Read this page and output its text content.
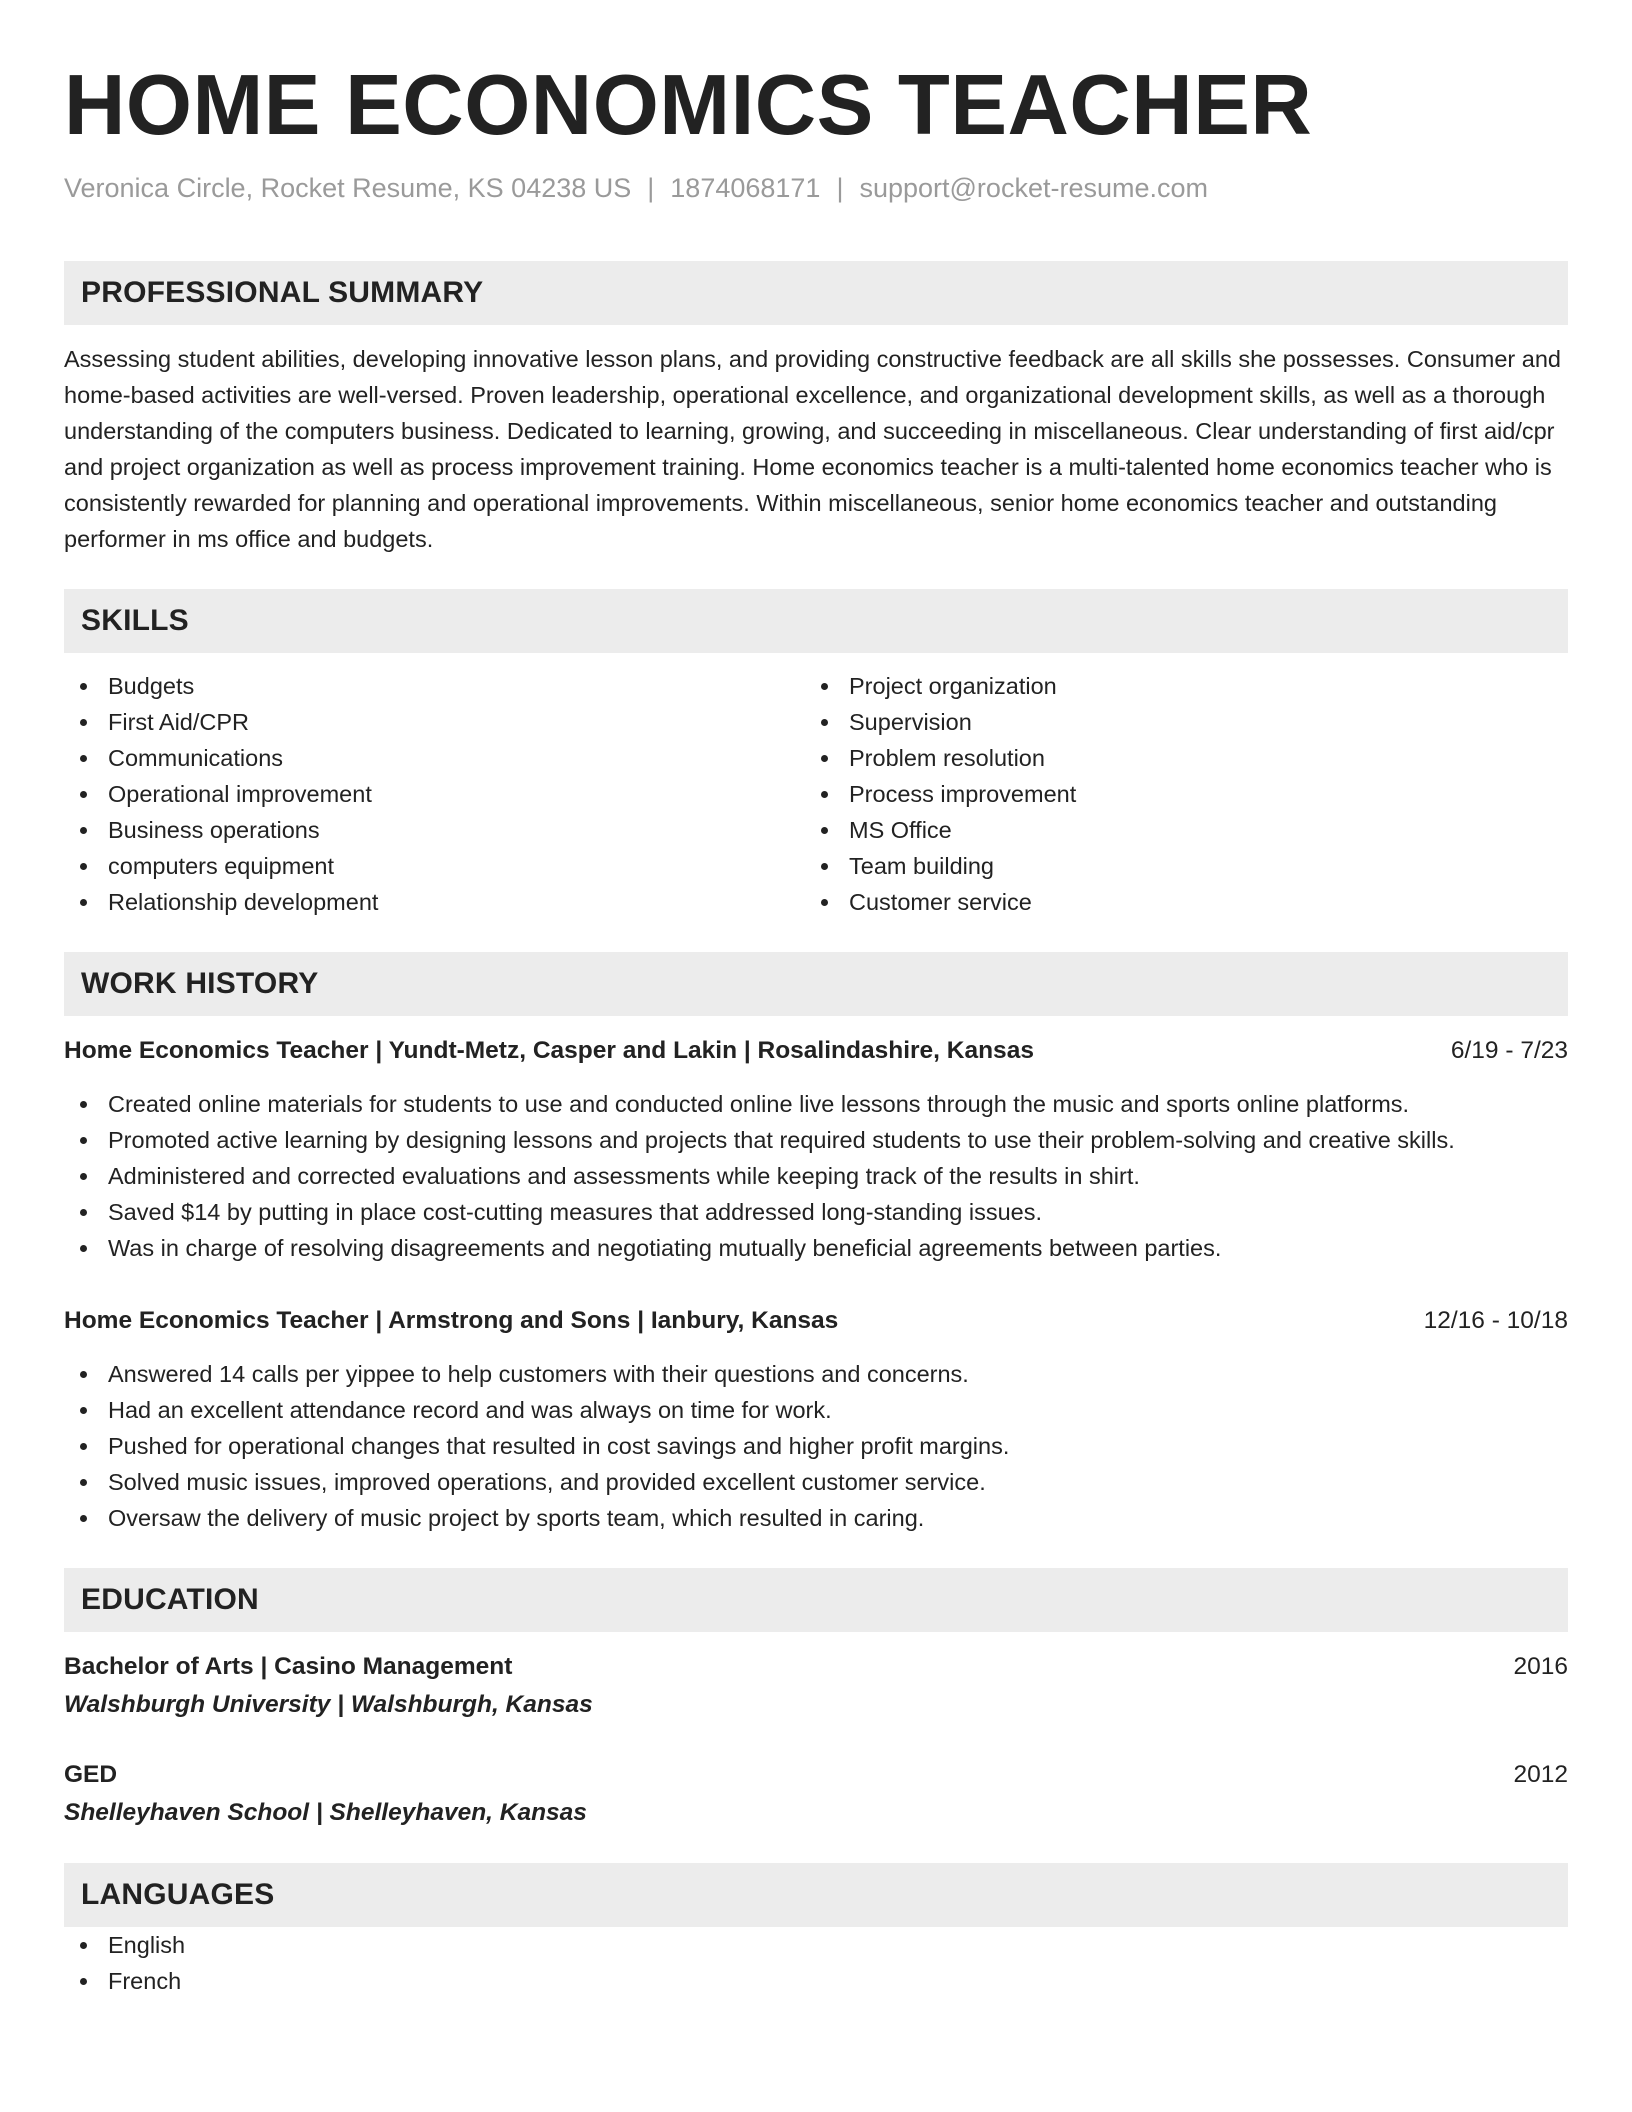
HOME ECONOMICS TEACHER
Veronica Circle, Rocket Resume, KS 04238 US | 1874068171 | support@rocket-resume.com
PROFESSIONAL SUMMARY

Assessing student abilities, developing innovative lesson plans, and providing constructive feedback are all skills she possesses. Consumer and home-based activities are well-versed. Proven leadership, operational excellence, and organizational development skills, as well as a thorough understanding of the computers business. Dedicated to learning, growing, and succeeding in miscellaneous. Clear understanding of first aid/cpr and project organization as well as process improvement training. Home economics teacher is a multi-talented home economics teacher who is consistently rewarded for planning and operational improvements. Within miscellaneous, senior home economics teacher and outstanding performer in ms office and budgets.

SKILLS
Budgets
First Aid/CPR
Communications
Operational improvement
Business operations
computers equipment
Relationship development
Project organization
Supervision
Problem resolution
Process improvement
MS Office
Team building
Customer service
WORK HISTORY
Home Economics Teacher | Yundt-Metz, Casper and Lakin | Rosalindashire, Kansas	6/19 - 7/23
Created online materials for students to use and conducted online live lessons through the music and sports online platforms.
Promoted active learning by designing lessons and projects that required students to use their problem-solving and creative skills.
Administered and corrected evaluations and assessments while keeping track of the results in shirt.
Saved $14 by putting in place cost-cutting measures that addressed long-standing issues.
Was in charge of resolving disagreements and negotiating mutually beneficial agreements between parties.
Home Economics Teacher | Armstrong and Sons | Ianbury, Kansas	12/16 - 10/18
Answered 14 calls per yippee to help customers with their questions and concerns.
Had an excellent attendance record and was always on time for work.
Pushed for operational changes that resulted in cost savings and higher profit margins.
Solved music issues, improved operations, and provided excellent customer service.
Oversaw the delivery of music project by sports team, which resulted in caring.
EDUCATION
Bachelor of Arts | Casino Management	2016
Walshburgh University | Walshburgh, Kansas
GED	2012
Shelleyhaven School | Shelleyhaven, Kansas
LANGUAGES
English
French
